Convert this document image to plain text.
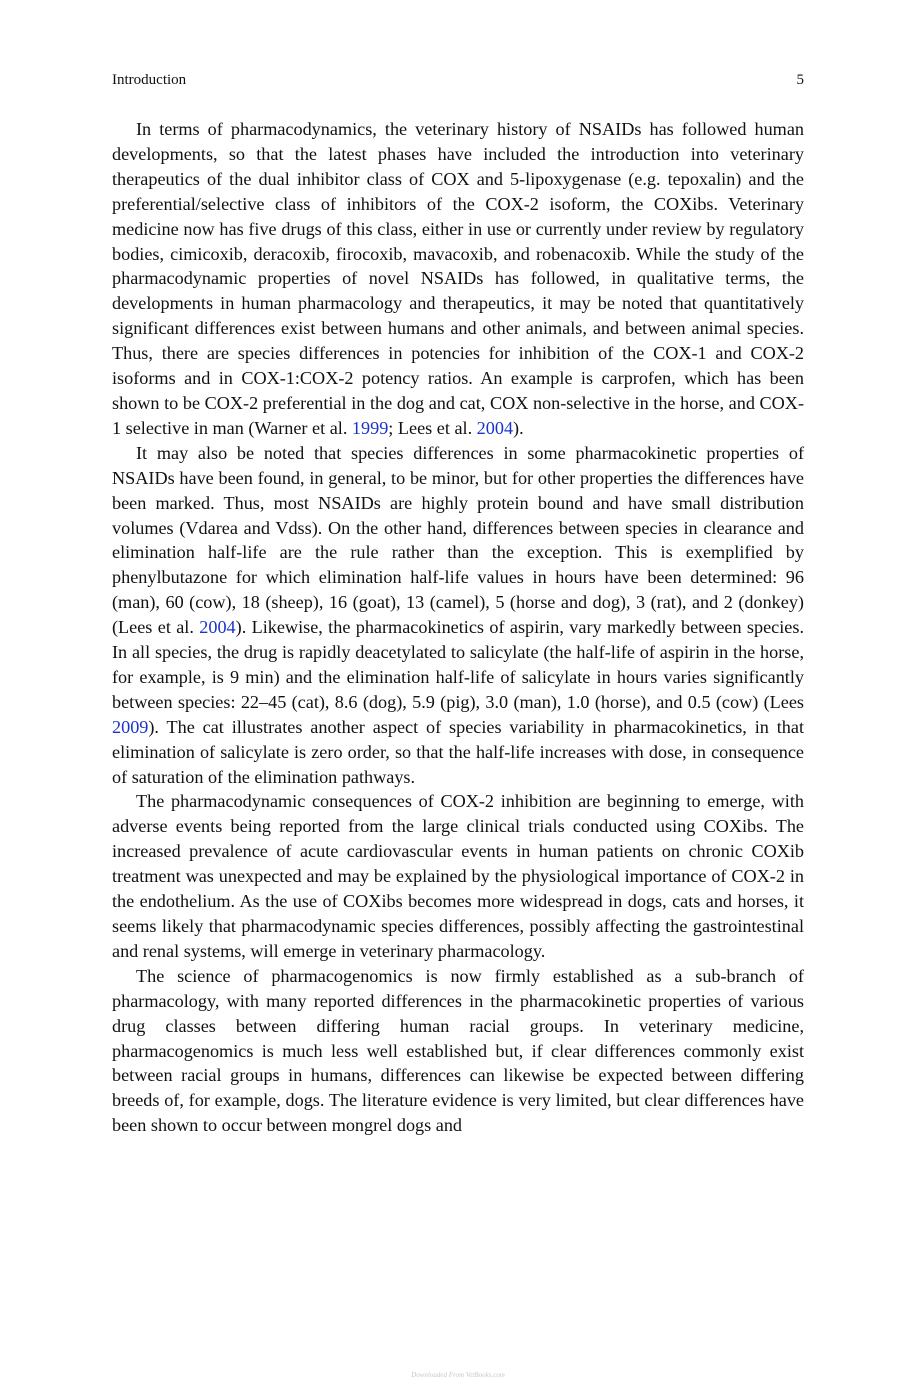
Introduction	5

In terms of pharmacodynamics, the veterinary history of NSAIDs has followed human developments, so that the latest phases have included the introduction into veterinary therapeutics of the dual inhibitor class of COX and 5-lipoxygenase (e.g. tepoxalin) and the preferential/selective class of inhibitors of the COX-2 isoform, the COXibs. Veterinary medicine now has five drugs of this class, either in use or currently under review by regulatory bodies, cimicoxib, deracoxib, firocoxib, mavacoxib, and robenacoxib. While the study of the pharmacodynamic properties of novel NSAIDs has followed, in qualitative terms, the developments in human pharmacology and therapeutics, it may be noted that quantitatively significant differences exist between humans and other animals, and between animal species. Thus, there are species differences in potencies for inhibition of the COX-1 and COX-2 isoforms and in COX-1:COX-2 potency ratios. An example is carprofen, which has been shown to be COX-2 preferential in the dog and cat, COX non-selective in the horse, and COX-1 selective in man (Warner et al. 1999; Lees et al. 2004).

It may also be noted that species differences in some pharmacokinetic properties of NSAIDs have been found, in general, to be minor, but for other properties the differences have been marked. Thus, most NSAIDs are highly protein bound and have small distribution volumes (Vdarea and Vdss). On the other hand, differences between species in clearance and elimination half-life are the rule rather than the exception. This is exemplified by phenylbutazone for which elimination half-life values in hours have been determined: 96 (man), 60 (cow), 18 (sheep), 16 (goat), 13 (camel), 5 (horse and dog), 3 (rat), and 2 (donkey) (Lees et al. 2004). Likewise, the pharmacokinetics of aspirin, vary markedly between species. In all species, the drug is rapidly deacetylated to salicylate (the half-life of aspirin in the horse, for example, is 9 min) and the elimination half-life of salicylate in hours varies significantly between species: 22–45 (cat), 8.6 (dog), 5.9 (pig), 3.0 (man), 1.0 (horse), and 0.5 (cow) (Lees 2009). The cat illustrates another aspect of species variability in pharmacokinetics, in that elimination of salicylate is zero order, so that the half-life increases with dose, in consequence of saturation of the elimination pathways.

The pharmacodynamic consequences of COX-2 inhibition are beginning to emerge, with adverse events being reported from the large clinical trials conducted using COXibs. The increased prevalence of acute cardiovascular events in human patients on chronic COXib treatment was unexpected and may be explained by the physiological importance of COX-2 in the endothelium. As the use of COXibs becomes more widespread in dogs, cats and horses, it seems likely that pharmacodynamic species differences, possibly affecting the gastrointestinal and renal systems, will emerge in veterinary pharmacology.

The science of pharmacogenomics is now firmly established as a sub-branch of pharmacology, with many reported differences in the pharmacokinetic properties of various drug classes between differing human racial groups. In veterinary medicine, pharmacogenomics is much less well established but, if clear differences commonly exist between racial groups in humans, differences can likewise be expected between differing breeds of, for example, dogs. The literature evidence is very limited, but clear differences have been shown to occur between mongrel dogs and

Downloaded From VetBooks.com
